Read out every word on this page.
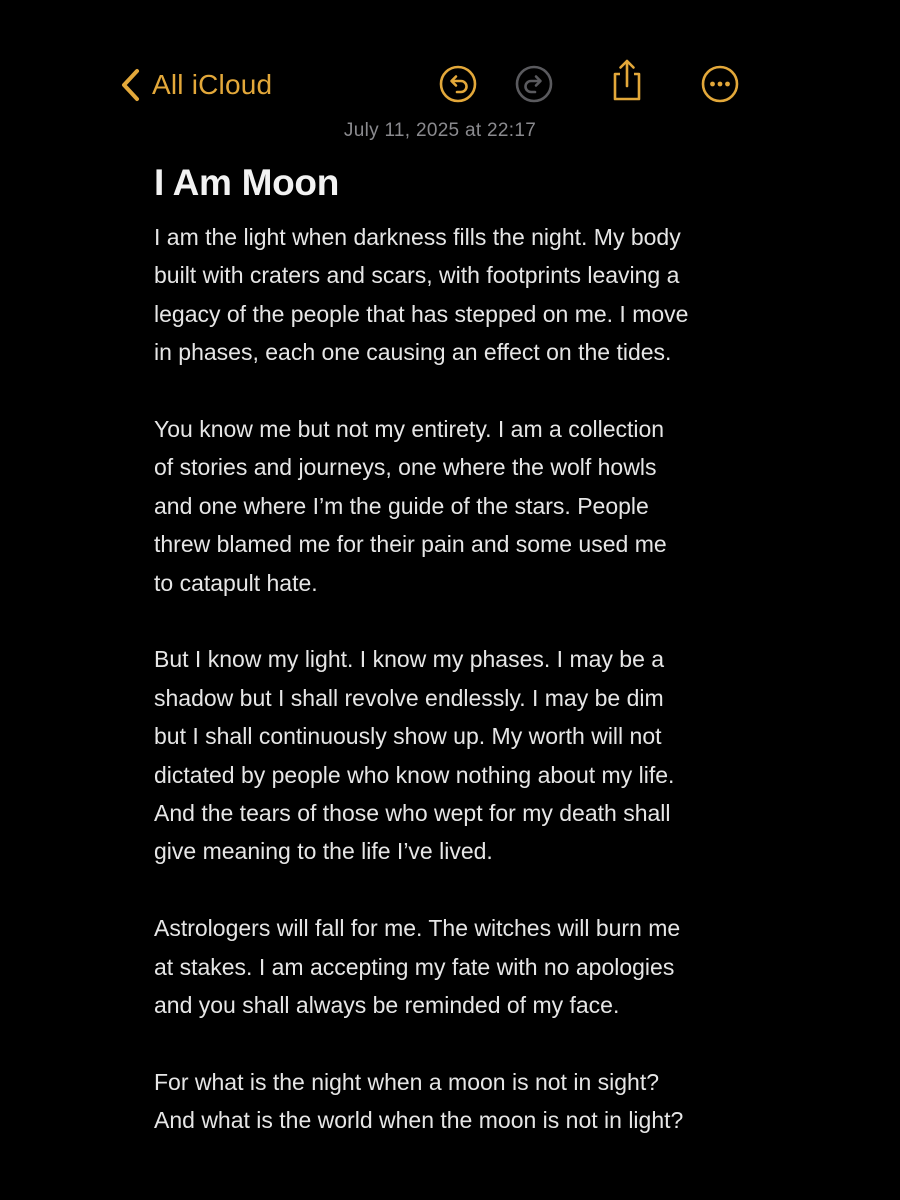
All iCloud
July 11, 2025 at 22:17
I Am Moon
I am the light when darkness fills the night. My body
built with craters and scars, with footprints leaving a
legacy of the people that has stepped on me. I move
in phases, each one causing an effect on the tides.
You know me but not my entirety. I am a collection
of stories and journeys, one where the wolf howls
and one where I’m the guide of the stars. People
threw blamed me for their pain and some used me
to catapult hate.
But I know my light. I know my phases. I may be a
shadow but I shall revolve endlessly. I may be dim
but I shall continuously show up. My worth will not
dictated by people who know nothing about my life.
And the tears of those who wept for my death shall
give meaning to the life I’ve lived.
Astrologers will fall for me. The witches will burn me
at stakes. I am accepting my fate with no apologies
and you shall always be reminded of my face.
For what is the night when a moon is not in sight?
And what is the world when the moon is not in light?
